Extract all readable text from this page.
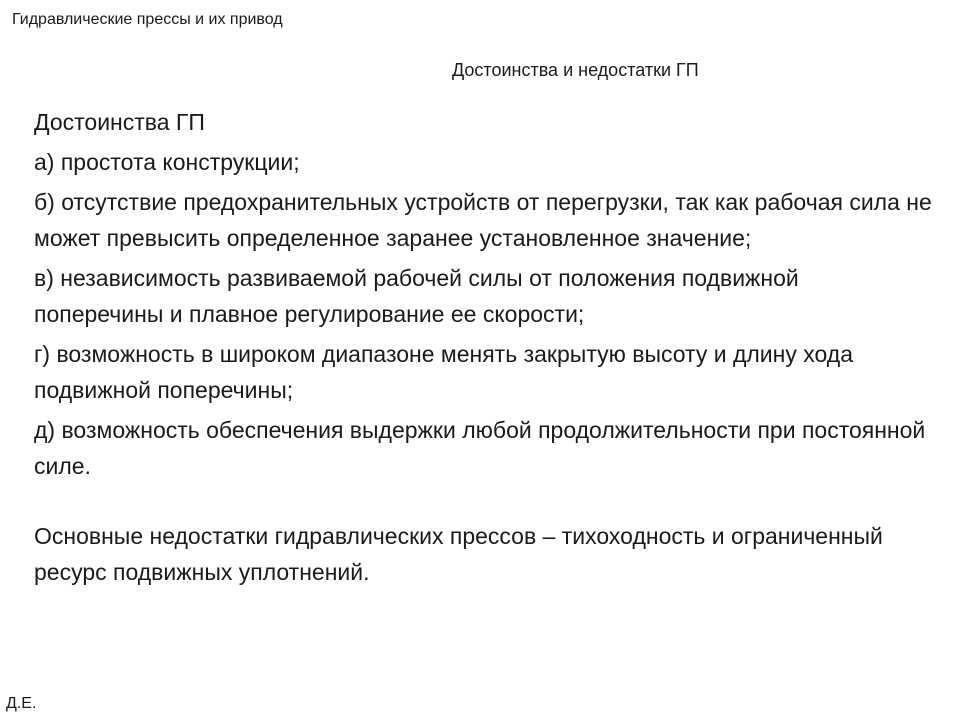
Гидравлические прессы и их привод
Достоинства и недостатки ГП

Достоинства ГП

а) простота конструкции;

б) отсутствие предохранительных устройств от перегрузки, так как рабочая сила не может превысить определенное заранее установленное значение;

в) независимость развиваемой рабочей силы от положения подвижной поперечины и плавное регулирование ее скорости;

г) возможность в широком диапазоне менять закрытую высоту и длину хода подвижной поперечины;

д) возможность обеспечения выдержки любой продолжительности при постоянной силе.

Основные недостатки гидравлических прессов – тихоходность и ограниченный ресурс подвижных уплотнений.

Д.Е.
